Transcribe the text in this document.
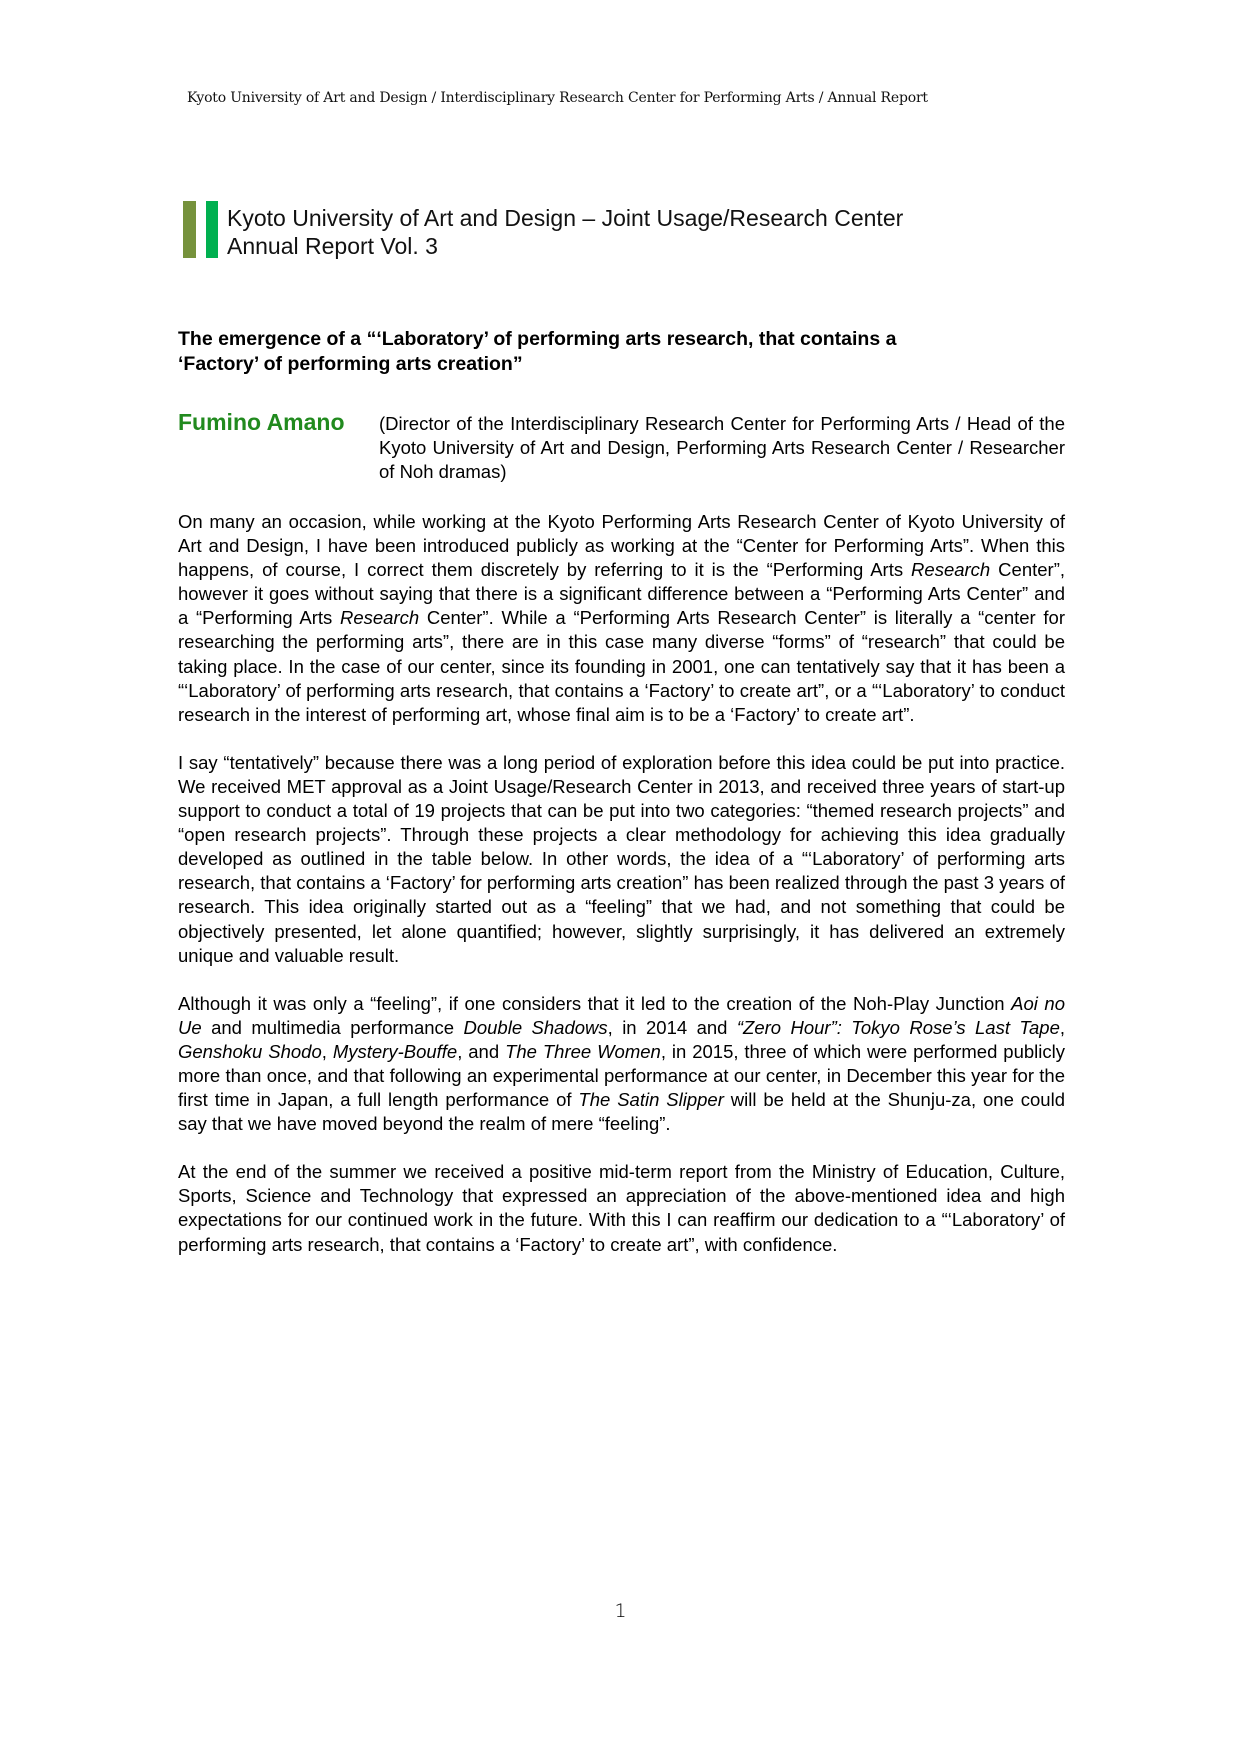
Kyoto University of Art and Design / Interdisciplinary Research Center for Performing Arts / Annual Report
Kyoto University of Art and Design – Joint Usage/Research Center
Annual Report Vol. 3
The emergence of a “‘Laboratory’ of performing arts research, that contains a
‘Factory’ of performing arts creation”
Fumino Amano (Director of the Interdisciplinary Research Center for Performing Arts / Head of the Kyoto University of Art and Design, Performing Arts Research Center / Researcher of Noh dramas)

On many an occasion, while working at the Kyoto Performing Arts Research Center of Kyoto University of Art and Design, I have been introduced publicly as working at the “Center for Performing Arts”. When this happens, of course, I correct them discretely by referring to it is the “Performing Arts Research Center”, however it goes without saying that there is a significant difference between a “Performing Arts Center” and a “Performing Arts Research Center”. While a “Performing Arts Research Center” is literally a “center for researching the performing arts”, there are in this case many diverse “forms” of “research” that could be taking place. In the case of our center, since its founding in 2001, one can tentatively say that it has been a “‘Laboratory’ of performing arts research, that contains a ‘Factory’ to create art”, or a “‘Laboratory’ to conduct research in the interest of performing art, whose final aim is to be a ‘Factory’ to create art”.

I say “tentatively” because there was a long period of exploration before this idea could be put into practice. We received MET approval as a Joint Usage/Research Center in 2013, and received three years of start-up support to conduct a total of 19 projects that can be put into two categories: “themed research projects” and “open research projects”. Through these projects a clear methodology for achieving this idea gradually developed as outlined in the table below. In other words, the idea of a “‘Laboratory’ of performing arts research, that contains a ‘Factory’ for performing arts creation” has been realized through the past 3 years of research. This idea originally started out as a “feeling” that we had, and not something that could be objectively presented, let alone quantified; however, slightly surprisingly, it has delivered an extremely unique and valuable result.

Although it was only a “feeling”, if one considers that it led to the creation of the Noh-Play Junction Aoi no Ue and multimedia performance Double Shadows, in 2014 and “Zero Hour”: Tokyo Rose’s Last Tape, Genshoku Shodo, Mystery-Bouffe, and The Three Women, in 2015, three of which were performed publicly more than once, and that following an experimental performance at our center, in December this year for the first time in Japan, a full length performance of The Satin Slipper will be held at the Shunju-za, one could say that we have moved beyond the realm of mere “feeling”.

At the end of the summer we received a positive mid-term report from the Ministry of Education, Culture, Sports, Science and Technology that expressed an appreciation of the above-mentioned idea and high expectations for our continued work in the future. With this I can reaffirm our dedication to a “‘Laboratory’ of performing arts research, that contains a ‘Factory’ to create art”, with confidence.

1
